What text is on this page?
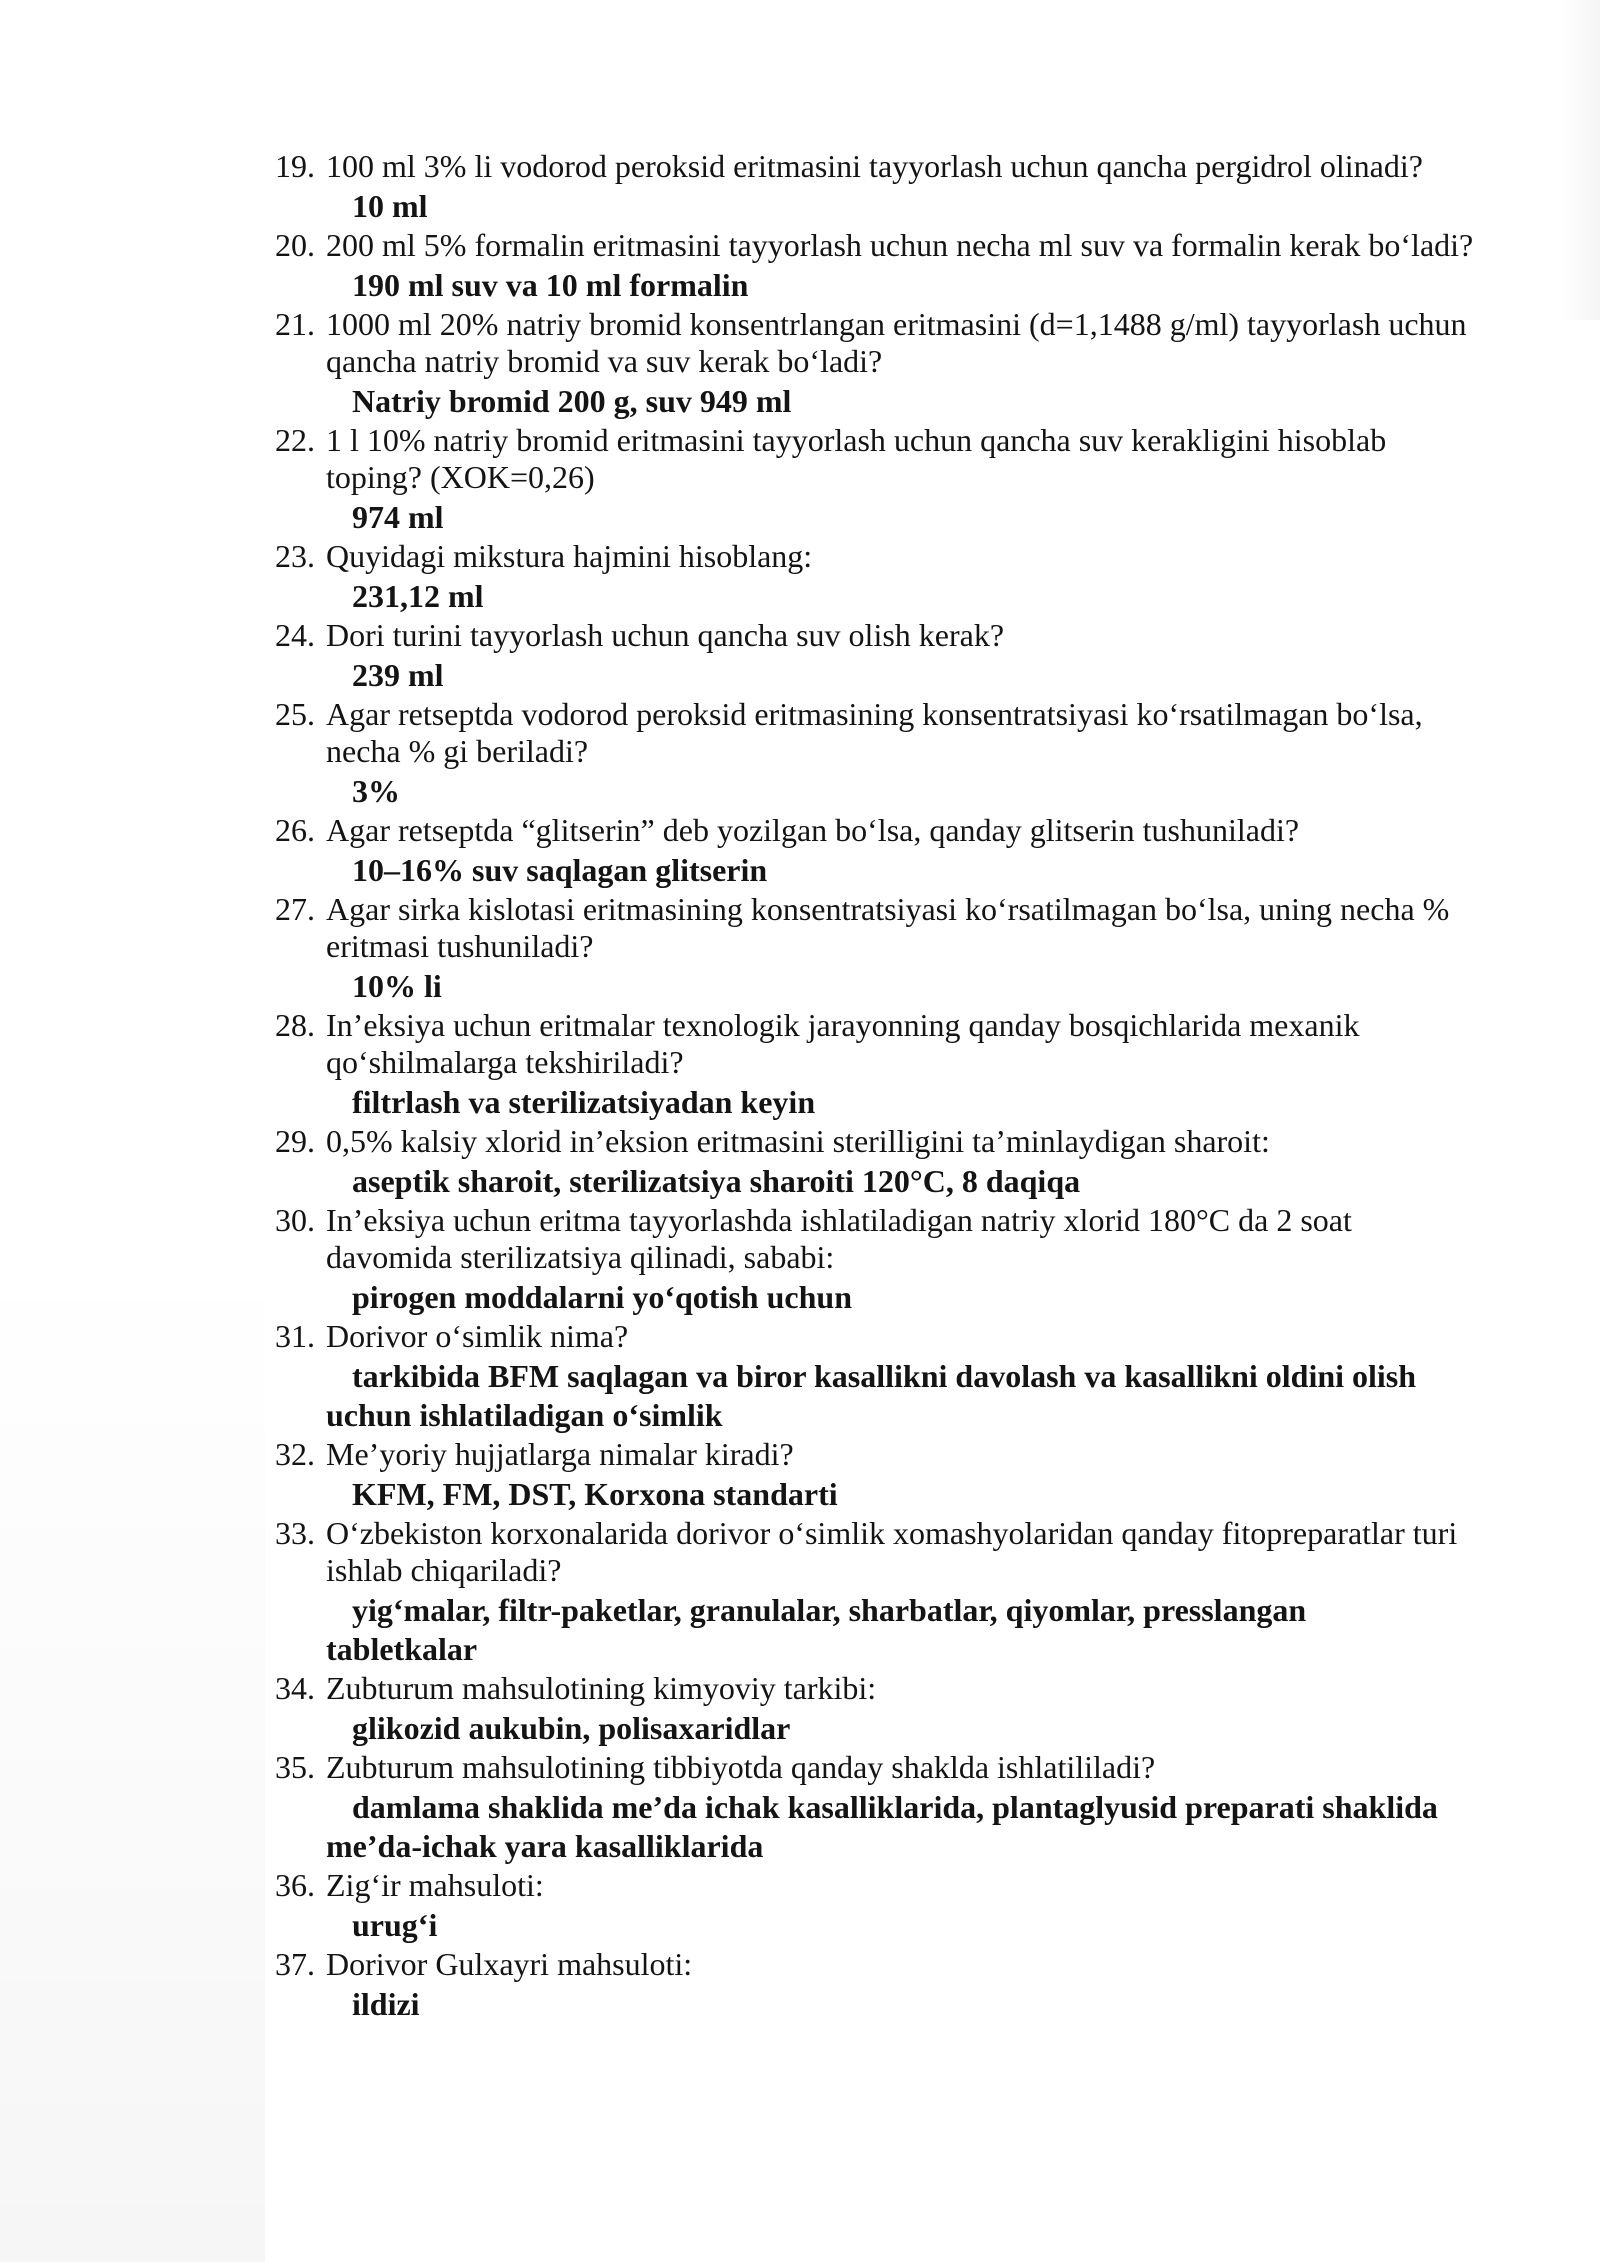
19. 100 ml 3% li vodorod peroksid eritmasini tayyorlash uchun qancha pergidrol olinadi?
10 ml
20. 200 ml 5% formalin eritmasini tayyorlash uchun necha ml suv va formalin kerak bo‘ladi?
190 ml suv va 10 ml formalin
21. 1000 ml 20% natriy bromid konsentrlangan eritmasini (d=1,1488 g/ml) tayyorlash uchun
qancha natriy bromid va suv kerak bo‘ladi?
Natriy bromid 200 g, suv 949 ml
22. 1 l 10% natriy bromid eritmasini tayyorlash uchun qancha suv kerakligini hisoblab
toping? (XOK=0,26)
974 ml
23. Quyidagi mikstura hajmini hisoblang:
231,12 ml
24. Dori turini tayyorlash uchun qancha suv olish kerak?
239 ml
25. Agar retseptda vodorod peroksid eritmasining konsentratsiyasi ko‘rsatilmagan bo‘lsa,
necha % gi beriladi?
3%
26. Agar retseptda “glitserin” deb yozilgan bo‘lsa, qanday glitserin tushuniladi?
10–16% suv saqlagan glitserin
27. Agar sirka kislotasi eritmasining konsentratsiyasi ko‘rsatilmagan bo‘lsa, uning necha %
eritmasi tushuniladi?
10% li
28. In’eksiya uchun eritmalar texnologik jarayonning qanday bosqichlarida mexanik
qo‘shilmalarga tekshiriladi?
filtrlash va sterilizatsiyadan keyin
29. 0,5% kalsiy xlorid in’eksion eritmasini sterilligini ta’minlaydigan sharoit:
aseptik sharoit, sterilizatsiya sharoiti 120°C, 8 daqiqa
30. In’eksiya uchun eritma tayyorlashda ishlatiladigan natriy xlorid 180°C da 2 soat
davomida sterilizatsiya qilinadi, sababi:
pirogen moddalarni yo‘qotish uchun
31. Dorivor o‘simlik nima?
tarkibida BFM saqlagan va biror kasallikni davolash va kasallikni oldini olish
uchun ishlatiladigan o‘simlik
32. Me’yoriy hujjatlarga nimalar kiradi?
KFM, FM, DST, Korxona standarti
33. O‘zbekiston korxonalarida dorivor o‘simlik xomashyolaridan qanday fitopreparatlar turi
ishlab chiqariladi?
yig‘malar, filtr-paketlar, granulalar, sharbatlar, qiyomlar, presslangan
tabletkalar
34. Zubturum mahsulotining kimyoviy tarkibi:
glikozid aukubin, polisaxaridlar
35. Zubturum mahsulotining tibbiyotda qanday shaklda ishlatililadi?
damlama shaklida me’da ichak kasalliklarida, plantaglyusid preparati shaklida
me’da-ichak yara kasalliklarida
36. Zig‘ir mahsuloti:
urug‘i
37. Dorivor Gulxayri mahsuloti:
ildizi
